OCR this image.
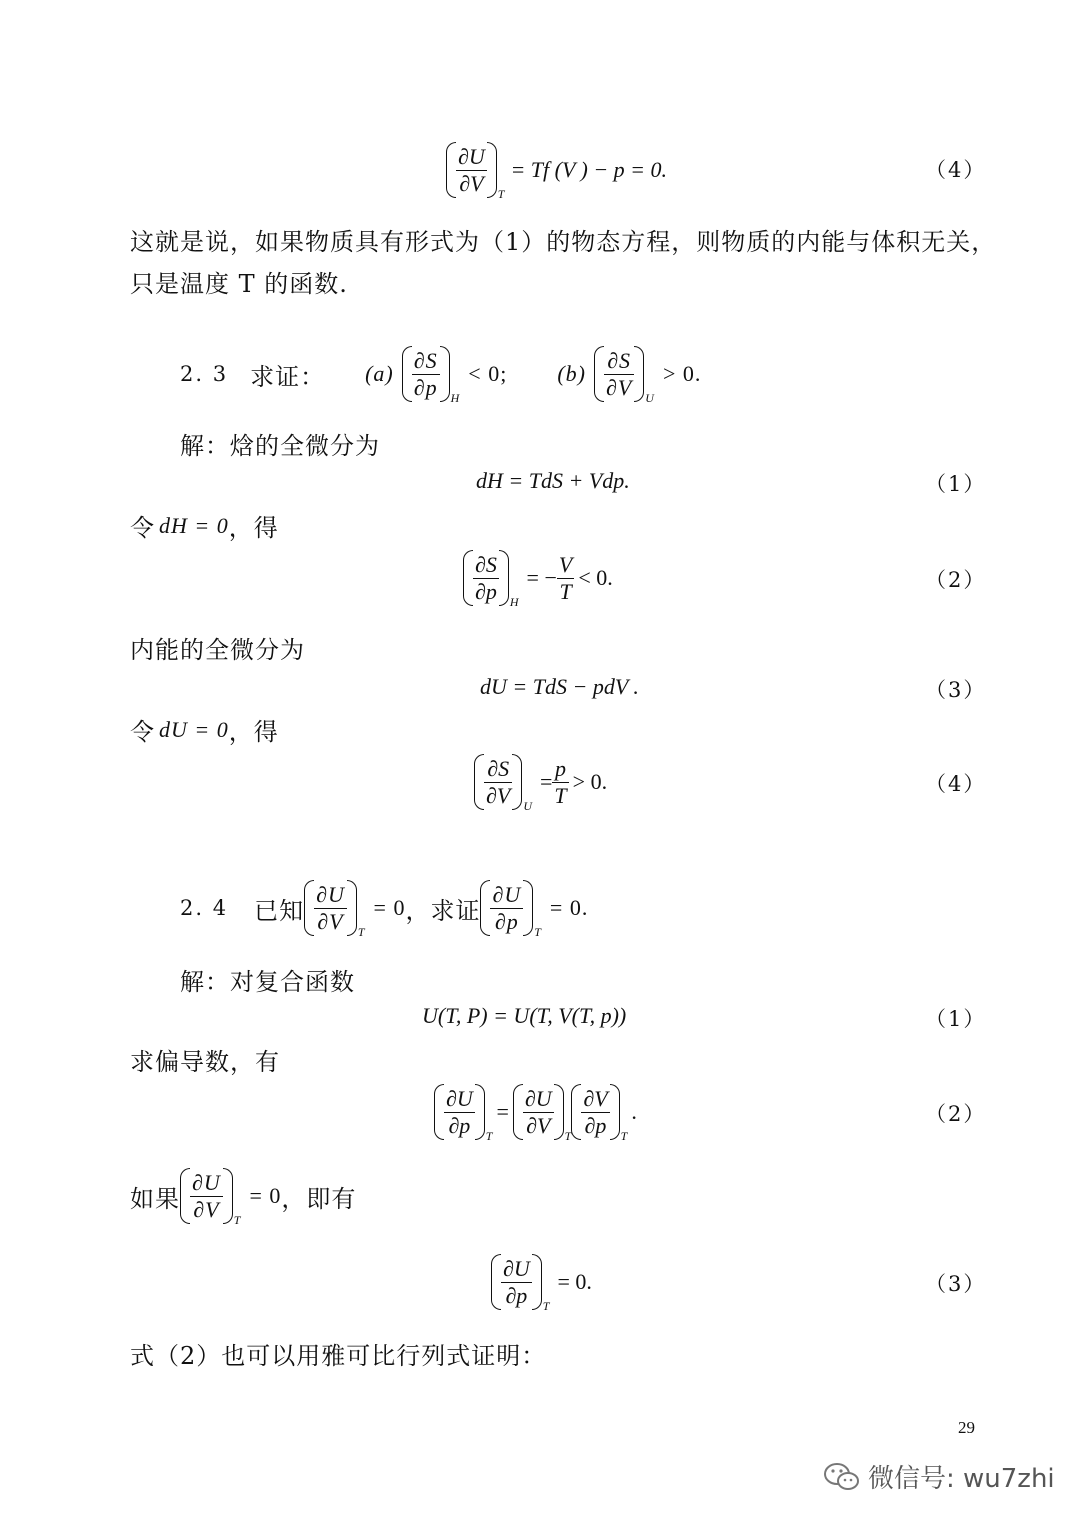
$\frac{\partial U}{\partial V}$ T
= Tf (V ) − p = 0.	（4）
这就是说，如果物质具有形式为（1）的物态方程，则物质的内能与体积无关，
只是温度 T 的函数.
2. 3 求证： $(a) \frac{\partial S}{\partial p}$ H
< 0; $(b) \frac{\partial S}{\partial V}$ U
> 0.
解：焓的全微分为
dH = TdS + Vdp.	（1）
令 dH = 0 ，得
$\frac{\partial S}{\partial p}$ H
= − $\frac{V}{T} < 0$.	（2）
内能的全微分为
dU = TdS − pdV .	（3）
令 dU = 0 ，得
$\frac{\partial S}{\partial V}$ U
= $\frac{p}{T} > 0$.	（4）
2. 4 已知 $\frac{\partial U}{\partial V}$ T
= 0 ，求证 $\frac{\partial U}{\partial p}$ T
= 0.
解：对复合函数
U(T, P) = U(T, V(T, p))	（1）
求偏导数，有
$\frac{\partial U}{\partial p}$ T
= $\frac{\partial U}{\partial V}$ T $\frac{\partial V}{\partial p}$ T
.	（2）
如果 $\frac{\partial U}{\partial V}$ T
= 0 ，即有
$\frac{\partial U}{\partial p}$ T
= 0.	（3）
式（2）也可以用雅可比行列式证明：
29
微信号: wu7zhi
